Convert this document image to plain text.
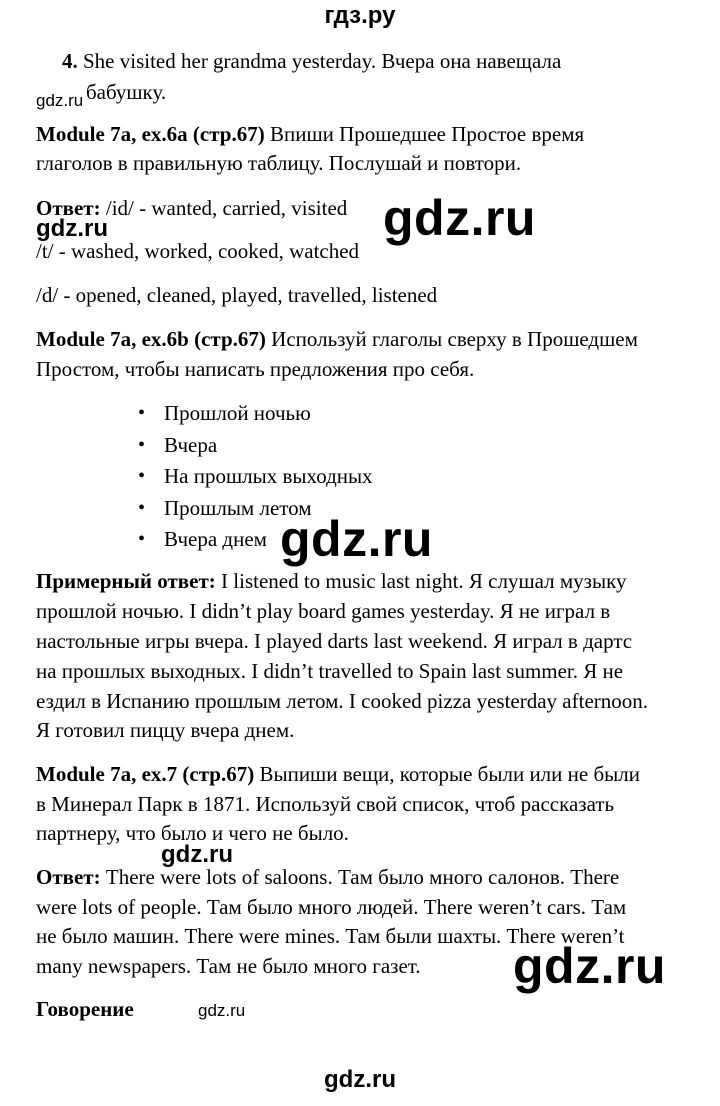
гдз.ру
4. She visited her grandma yesterday. Вчера она навещала
бабушку.
gdz.ru
Module 7a, ex.6a (стр.67) Впиши Прошедшее Простое время
глаголов в правильную таблицу. Послушай и повтори.
Ответ: /id/ - wanted, carried, visited
gdz.ru	gdz.ru
/t/ - washed, worked, cooked, watched
/d/ - opened, cleaned, played, travelled, listened
Module 7a, ex.6b (стр.67) Используй глаголы сверху в Прошедшем
Простом, чтобы написать предложения про себя.
• Прошлой ночью
• Вчера
• На прошлых выходных
• Прошлым летом
• Вчера днем gdz.ru
Примерный ответ: I listened to music last night. Я слушал музыку
прошлой ночью. I didn’t play board games yesterday. Я не играл в
настольные игры вчера. I played darts last weekend. Я играл в дартс
на прошлых выходных. I didn’t travelled to Spain last summer. Я не
ездил в Испанию прошлым летом. I cooked pizza yesterday afternoon.
Я готовил пиццу вчера днем.
Module 7a, ex.7 (стр.67) Выпиши вещи, которые были или не были
в Минерал Парк в 1871. Используй свой список, чтоб рассказать
партнеру, что было и чего не было.
gdz.ru
Ответ: There were lots of saloons. Там было много салонов. There
were lots of people. Там было много людей. There weren’t cars. Там
не было машин. There were mines. Там были шахты. There weren’t
many newspapers. Там не было много газет. gdz.ru
Говорение	gdz.ru
gdz.ru
